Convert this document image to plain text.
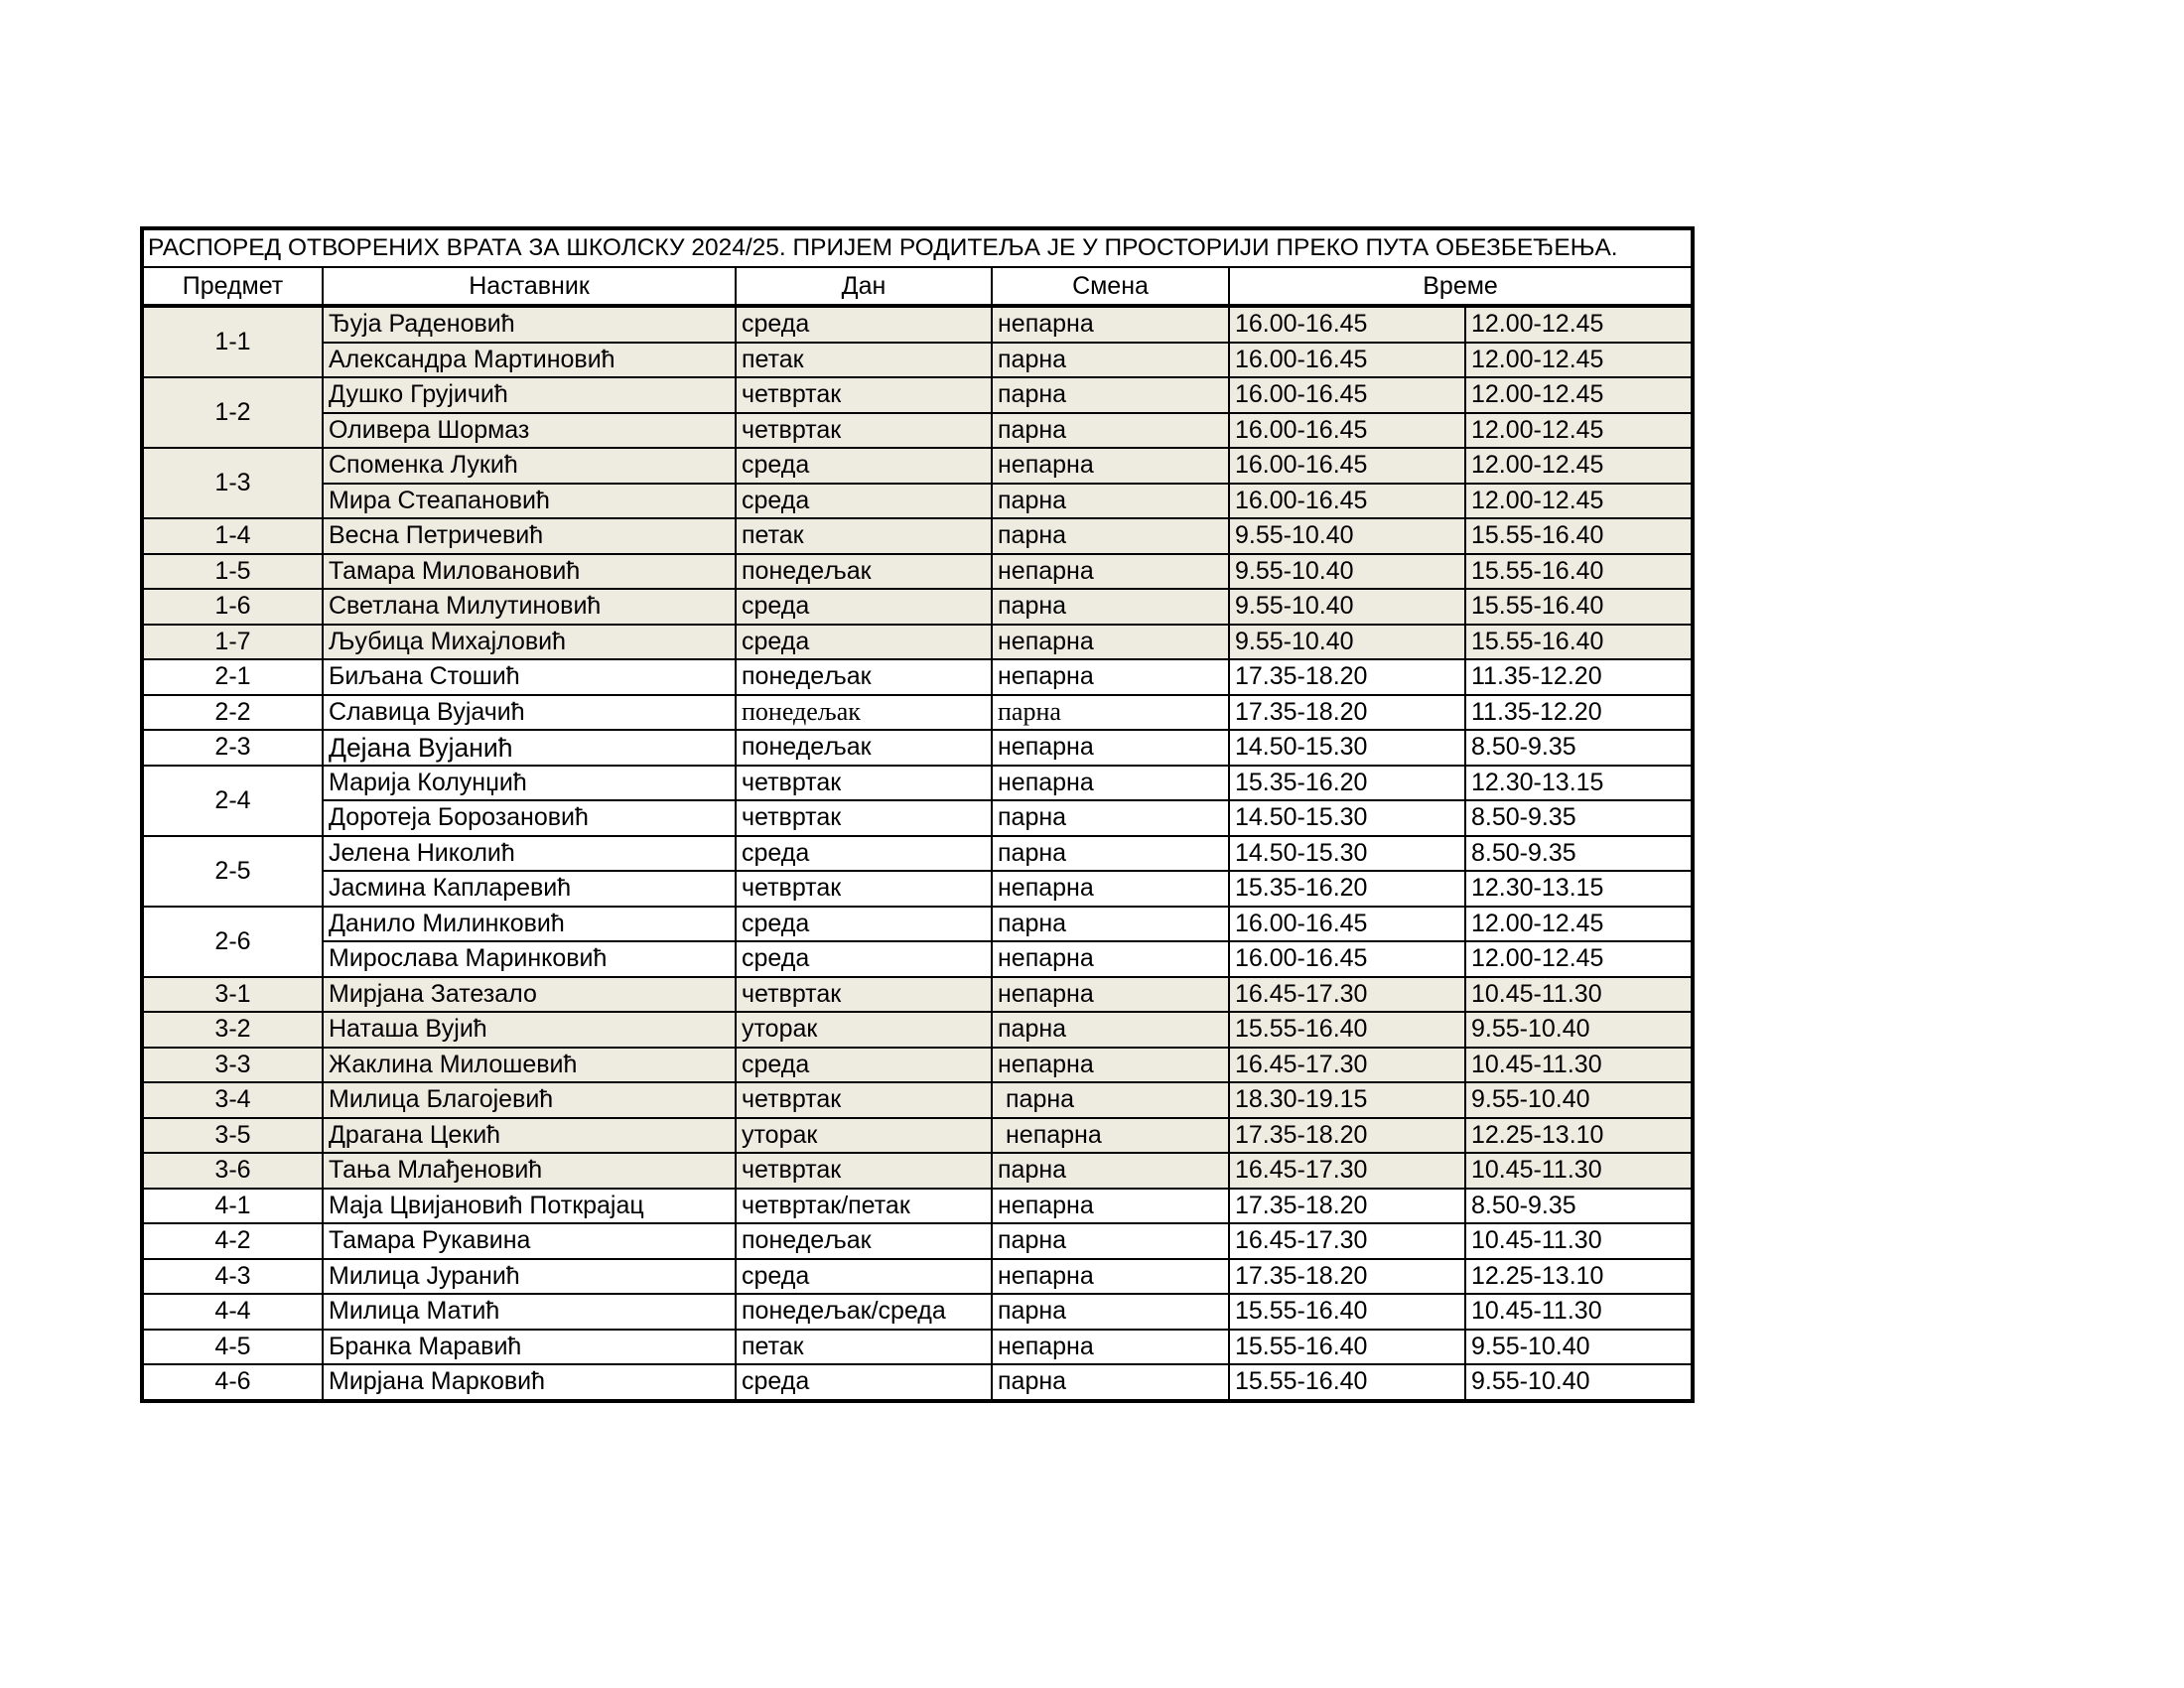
РАСПОРЕД ОТВОРЕНИХ ВРАТА ЗА ШКОЛСКУ 2024/25. ПРИЈЕМ РОДИТЕЉА ЈЕ У ПРОСТОРИЈИ ПРЕКО ПУТА ОБЕЗБЕЂЕЊА.					
Предмет	Наставник	Дан	Смена	Време	
1-1	Ђуја Раденовић	среда	непарна	16.00-16.45	12.00-12.45
	Александра Мартиновић	петак	парна	16.00-16.45	12.00-12.45
1-2	Душко Грујичић	четвртак	парна	16.00-16.45	12.00-12.45
	Оливера Шормаз	четвртак	парна	16.00-16.45	12.00-12.45
1-3	Споменка Лукић	среда	непарна	16.00-16.45	12.00-12.45
	Мира Стеапановић	среда	парна	16.00-16.45	12.00-12.45
1-4	Весна Петричевић	петак	парна	9.55-10.40	15.55-16.40
1-5	Тамара Миловановић	понедељак	непарна	9.55-10.40	15.55-16.40
1-6	Светлана Милутиновић	среда	парна	9.55-10.40	15.55-16.40
1-7	Љубица Михајловић	среда	непарна	9.55-10.40	15.55-16.40
2-1	Биљана Стошић	понедељак	непарна	17.35-18.20	11.35-12.20
2-2	Славица Вујачић	понедељак	парна	17.35-18.20	11.35-12.20
2-3	Дејана Вујанић	понедељак	непарна	14.50-15.30	8.50-9.35
2-4	Марија Колунџић	четвртак	непарна	15.35-16.20	12.30-13.15
	Доротеја Борозановић	четвртак	парна	14.50-15.30	8.50-9.35
2-5	Јелена Николић	среда	парна	14.50-15.30	8.50-9.35
	Јасмина Капларевић	четвртак	непарна	15.35-16.20	12.30-13.15
2-6	Данило Милинковић	среда	парна	16.00-16.45	12.00-12.45
	Мирослава Маринковић	среда	непарна	16.00-16.45	12.00-12.45
3-1	Мирјана Затезало	четвртак	непарна	16.45-17.30	10.45-11.30
3-2	Наташа Вујић	уторак	парна	15.55-16.40	9.55-10.40
3-3	Жаклина Милошевић	среда	непарна	16.45-17.30	10.45-11.30
3-4	Милица Благојевић	четвртак	парна	18.30-19.15	9.55-10.40
3-5	Драгана Цекић	уторак	непарна	17.35-18.20	12.25-13.10
3-6	Тања Млађеновић	четвртак	парна	16.45-17.30	10.45-11.30
4-1	Маја Цвијановић Поткрајац	четвртак/петак	непарна	17.35-18.20	8.50-9.35
4-2	Тамара Рукавина	понедељак	парна	16.45-17.30	10.45-11.30
4-3	Милица Јуранић	среда	непарна	17.35-18.20	12.25-13.10
4-4	Милица Матић	понедељак/среда	парна	15.55-16.40	10.45-11.30
4-5	Бранка Маравић	петак	непарна	15.55-16.40	9.55-10.40
4-6	Мирјана Марковић	среда	парна	15.55-16.40	9.55-10.40
